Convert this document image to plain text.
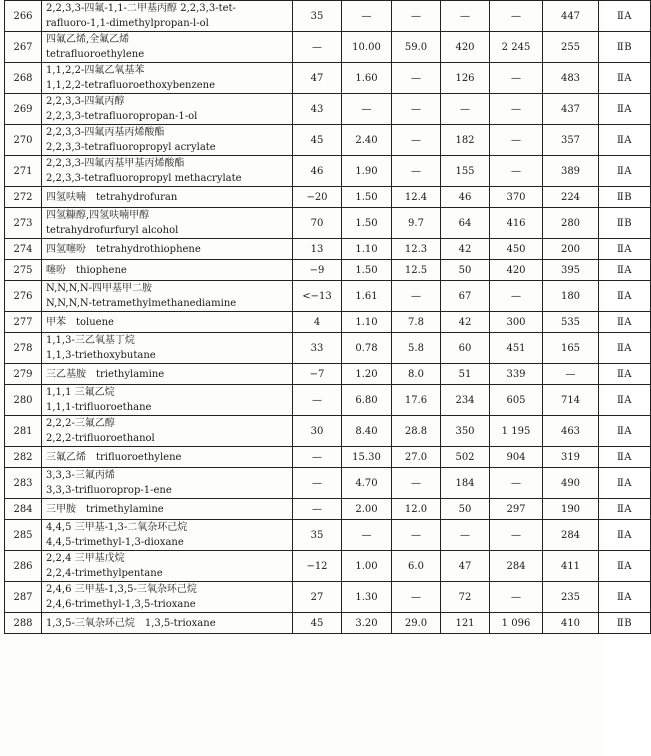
266	2,2,3,3-四氟-1,1-二甲基丙醇 2,2,3,3-tet-
rafluoro-1,1-dimethylpropan-l-ol	35	—	—	—	—	447	ⅡA
267	四氟乙烯,全氟乙烯
tetrafluoroethylene	—	10.00	59.0	420	2 245	255	ⅡB
268	1,1,2,2-四氟乙氧基苯
1,1,2,2-tetrafluoroethoxybenzene	47	1.60	—	126	—	483	ⅡA
269	2,2,3,3-四氟丙醇
2,2,3,3-tetrafluoropropan-1-ol	43	—	—	—	—	437	ⅡA
270	2,2,3,3-四氟丙基丙烯酸酯
2,2,3,3-tetrafluoropropyl acrylate	45	2.40	—	182	—	357	ⅡA
271	2,2,3,3-四氟丙基甲基丙烯酸酯
2,2,3,3-tetrafluoropropyl methacrylate	46	1.90	—	155	—	389	ⅡA
272	四氢呋喃 tetrahydrofuran	−20	1.50	12.4	46	370	224	ⅡB
273	四氢糠醇,四氢呋喃甲醇
tetrahydrofurfuryl alcohol	70	1.50	9.7	64	416	280	ⅡB
274	四氢噻吩 tetrahydrothiophene	13	1.10	12.3	42	450	200	ⅡA
275	噻吩 thiophene	−9	1.50	12.5	50	420	395	ⅡA
276	N,N,N,N-四甲基甲二胺
N,N,N,N-tetramethylmethanediamine	<−13	1.61	—	67	—	180	ⅡA
277	甲苯 toluene	4	1.10	7.8	42	300	535	ⅡA
278	1,1,3-三乙氧基丁烷
1,1,3-triethoxybutane	33	0.78	5.8	60	451	165	ⅡA
279	三乙基胺 triethylamine	−7	1.20	8.0	51	339	—	ⅡA
280	1,1,1 三氟乙烷
1,1,1-trifluoroethane	—	6.80	17.6	234	605	714	ⅡA
281	2,2,2-三氟乙醇
2,2,2-trifluoroethanol	30	8.40	28.8	350	1 195	463	ⅡA
282	三氟乙烯 trifluoroethylene	—	15.30	27.0	502	904	319	ⅡA
283	3,3,3-三氟丙烯
3,3,3-trifluoroprop-1-ene	—	4.70	—	184	—	490	ⅡA
284	三甲胺 trimethylamine	—	2.00	12.0	50	297	190	ⅡA
285	4,4,5 三甲基-1,3-二氧杂环己烷
4,4,5-trimethyl-1,3-dioxane	35	—	—	—	—	284	ⅡA
286	2,2,4 三甲基戊烷
2,2,4-trimethylpentane	−12	1.00	6.0	47	284	411	ⅡA
287	2,4,6 三甲基-1,3,5-三氧杂环己烷
2,4,6-trimethyl-1,3,5-trioxane	27	1.30	—	72	—	235	ⅡA
288	1,3,5-三氧杂环己烷 1,3,5-trioxane	45	3.20	29.0	121	1 096	410	ⅡB
